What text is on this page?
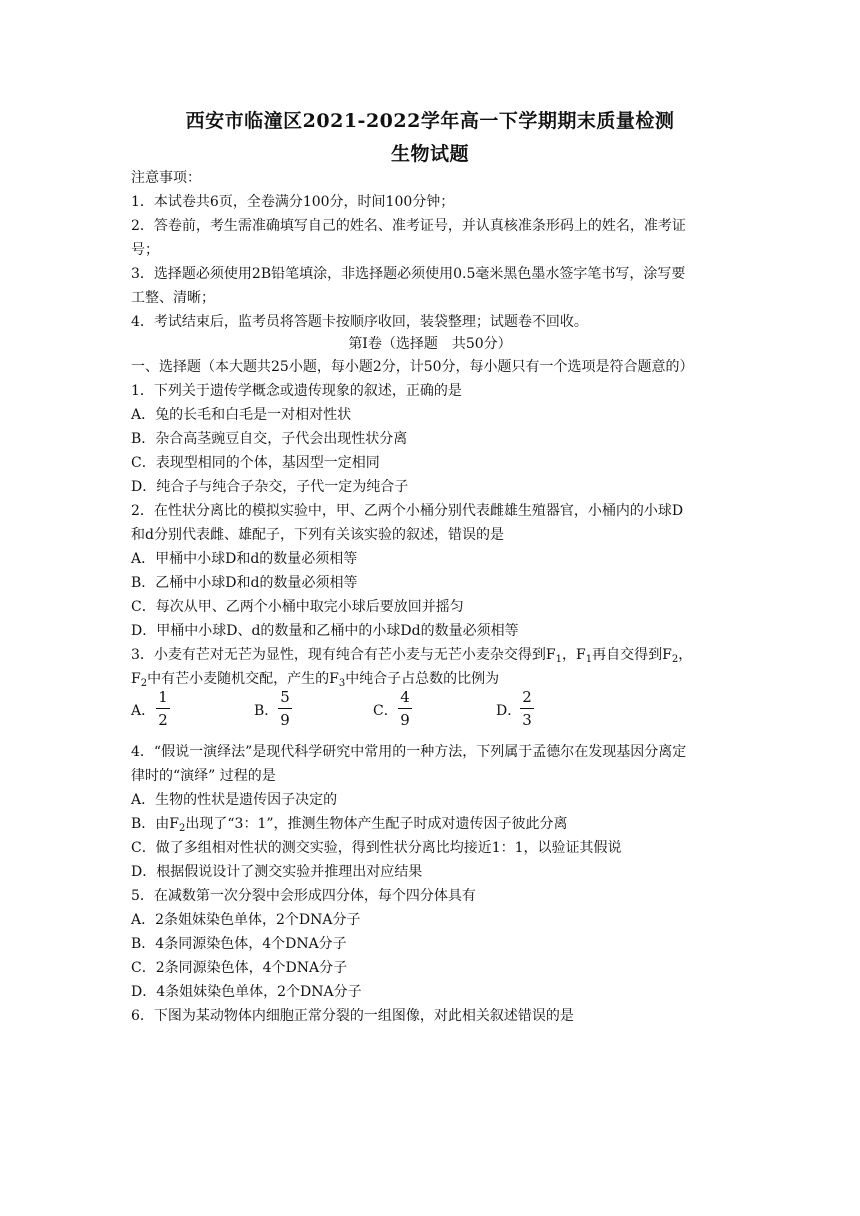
西安市临潼区2021-2022学年高一下学期期末质量检测
生物试题
注意事项：
1．本试卷共6页，全卷满分100分，时间100分钟；
2．答卷前，考生需准确填写自己的姓名、准考证号，并认真核准条形码上的姓名，准考证
号；
3．选择题必须使用2B铅笔填涂，非选择题必须使用0.5毫米黑色墨水签字笔书写，涂写要
工整、清晰；
4．考试结束后，监考员将答题卡按顺序收回，装袋整理；试题卷不回收。
第Ⅰ卷（选择题　共50分）
一、选择题（本大题共25小题，每小题2分，计50分，每小题只有一个选项是符合题意的）
1．下列关于遗传学概念或遗传现象的叙述，正确的是
A．兔的长毛和白毛是一对相对性状
B．杂合高茎豌豆自交，子代会出现性状分离
C．表现型相同的个体，基因型一定相同
D．纯合子与纯合子杂交，子代一定为纯合子
2．在性状分离比的模拟实验中，甲、乙两个小桶分别代表雌雄生殖器官，小桶内的小球D
和d分别代表雌、雄配子，下列有关该实验的叙述，错误的是
A．甲桶中小球D和d的数量必须相等
B．乙桶中小球D和d的数量必须相等
C．每次从甲、乙两个小桶中取完小球后要放回并摇匀
D．甲桶中小球D、d的数量和乙桶中的小球Dd的数量必须相等
3．小麦有芒对无芒为显性，现有纯合有芒小麦与无芒小麦杂交得到$F_1$，$F_1$再自交得到$F_2$，
$F_2$中有芒小麦随机交配，产生的$F_3$中纯合子占总数的比例为
A．
1
2	B．
5
9	C．
4
9	D．
2
3
4．“假说一演绎法”是现代科学研究中常用的一种方法，下列属于孟德尔在发现基因分离定
律时的“演绎” 过程的是
A．生物的性状是遗传因子决定的
B．由$F_2$出现了“3：1”，推测生物体产生配子时成对遗传因子彼此分离
C．做了多组相对性状的测交实验，得到性状分离比均接近1：1，以验证其假说
D．根据假说设计了测交实验并推理出对应结果
5．在减数第一次分裂中会形成四分体，每个四分体具有
A．2条姐妹染色单体，2个DNA分子
B．4条同源染色体，4个DNA分子
C．2条同源染色体，4个DNA分子
D．4条姐妹染色单体，2个DNA分子
6．下图为某动物体内细胞正常分裂的一组图像，对此相关叙述错误的是
